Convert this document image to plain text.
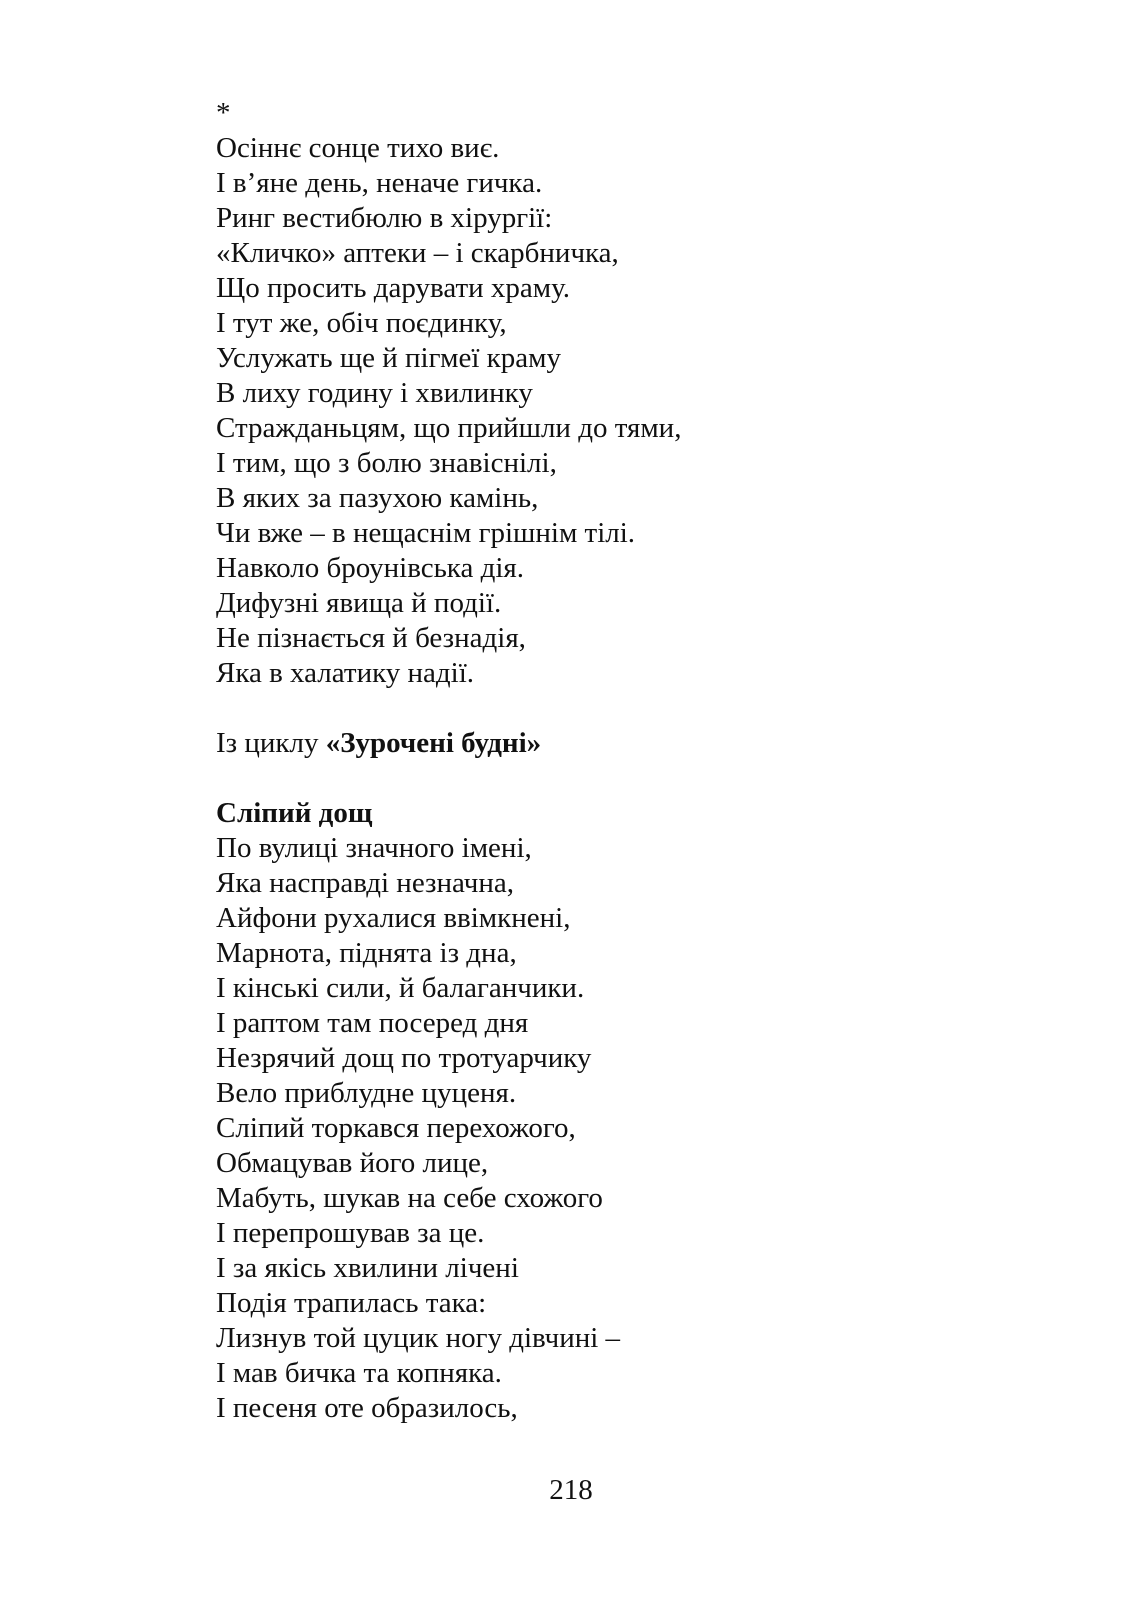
*
Осіннє сонце тихо виє.
І в’яне день, неначе гичка.
Ринг вестибюлю в хірургії:
«Кличко» аптеки – і скарбничка,
Що просить дарувати храму.
І тут же, обіч поєдинку,
Услужать ще й пігмеї краму
В лиху годину і хвилинку
Стражданьцям, що прийшли до тями,
І тим, що з болю знавіснілі,
В яких за пазухою камінь,
Чи вже – в нещаснім грішнім тілі.
Навколо броунівська дія.
Дифузні явища й події.
Не пізнається й безнадія,
Яка в халатику надії.
Із циклу «Зурочені будні»
Сліпий дощ
По вулиці значного імені,
Яка насправді незначна,
Айфони рухалися ввімкнені,
Марнота, піднята із дна,
І кінські сили, й балаганчики.
І раптом там посеред дня
Незрячий дощ по тротуарчику
Вело приблудне цуценя.
Сліпий торкався перехожого,
Обмацував його лице,
Мабуть, шукав на себе схожого
І перепрошував за це.
І за якісь хвилини лічені
Подія трапилась така:
Лизнув той цуцик ногу дівчині –
І мав бичка та копняка.
І песеня оте образилось,
218
